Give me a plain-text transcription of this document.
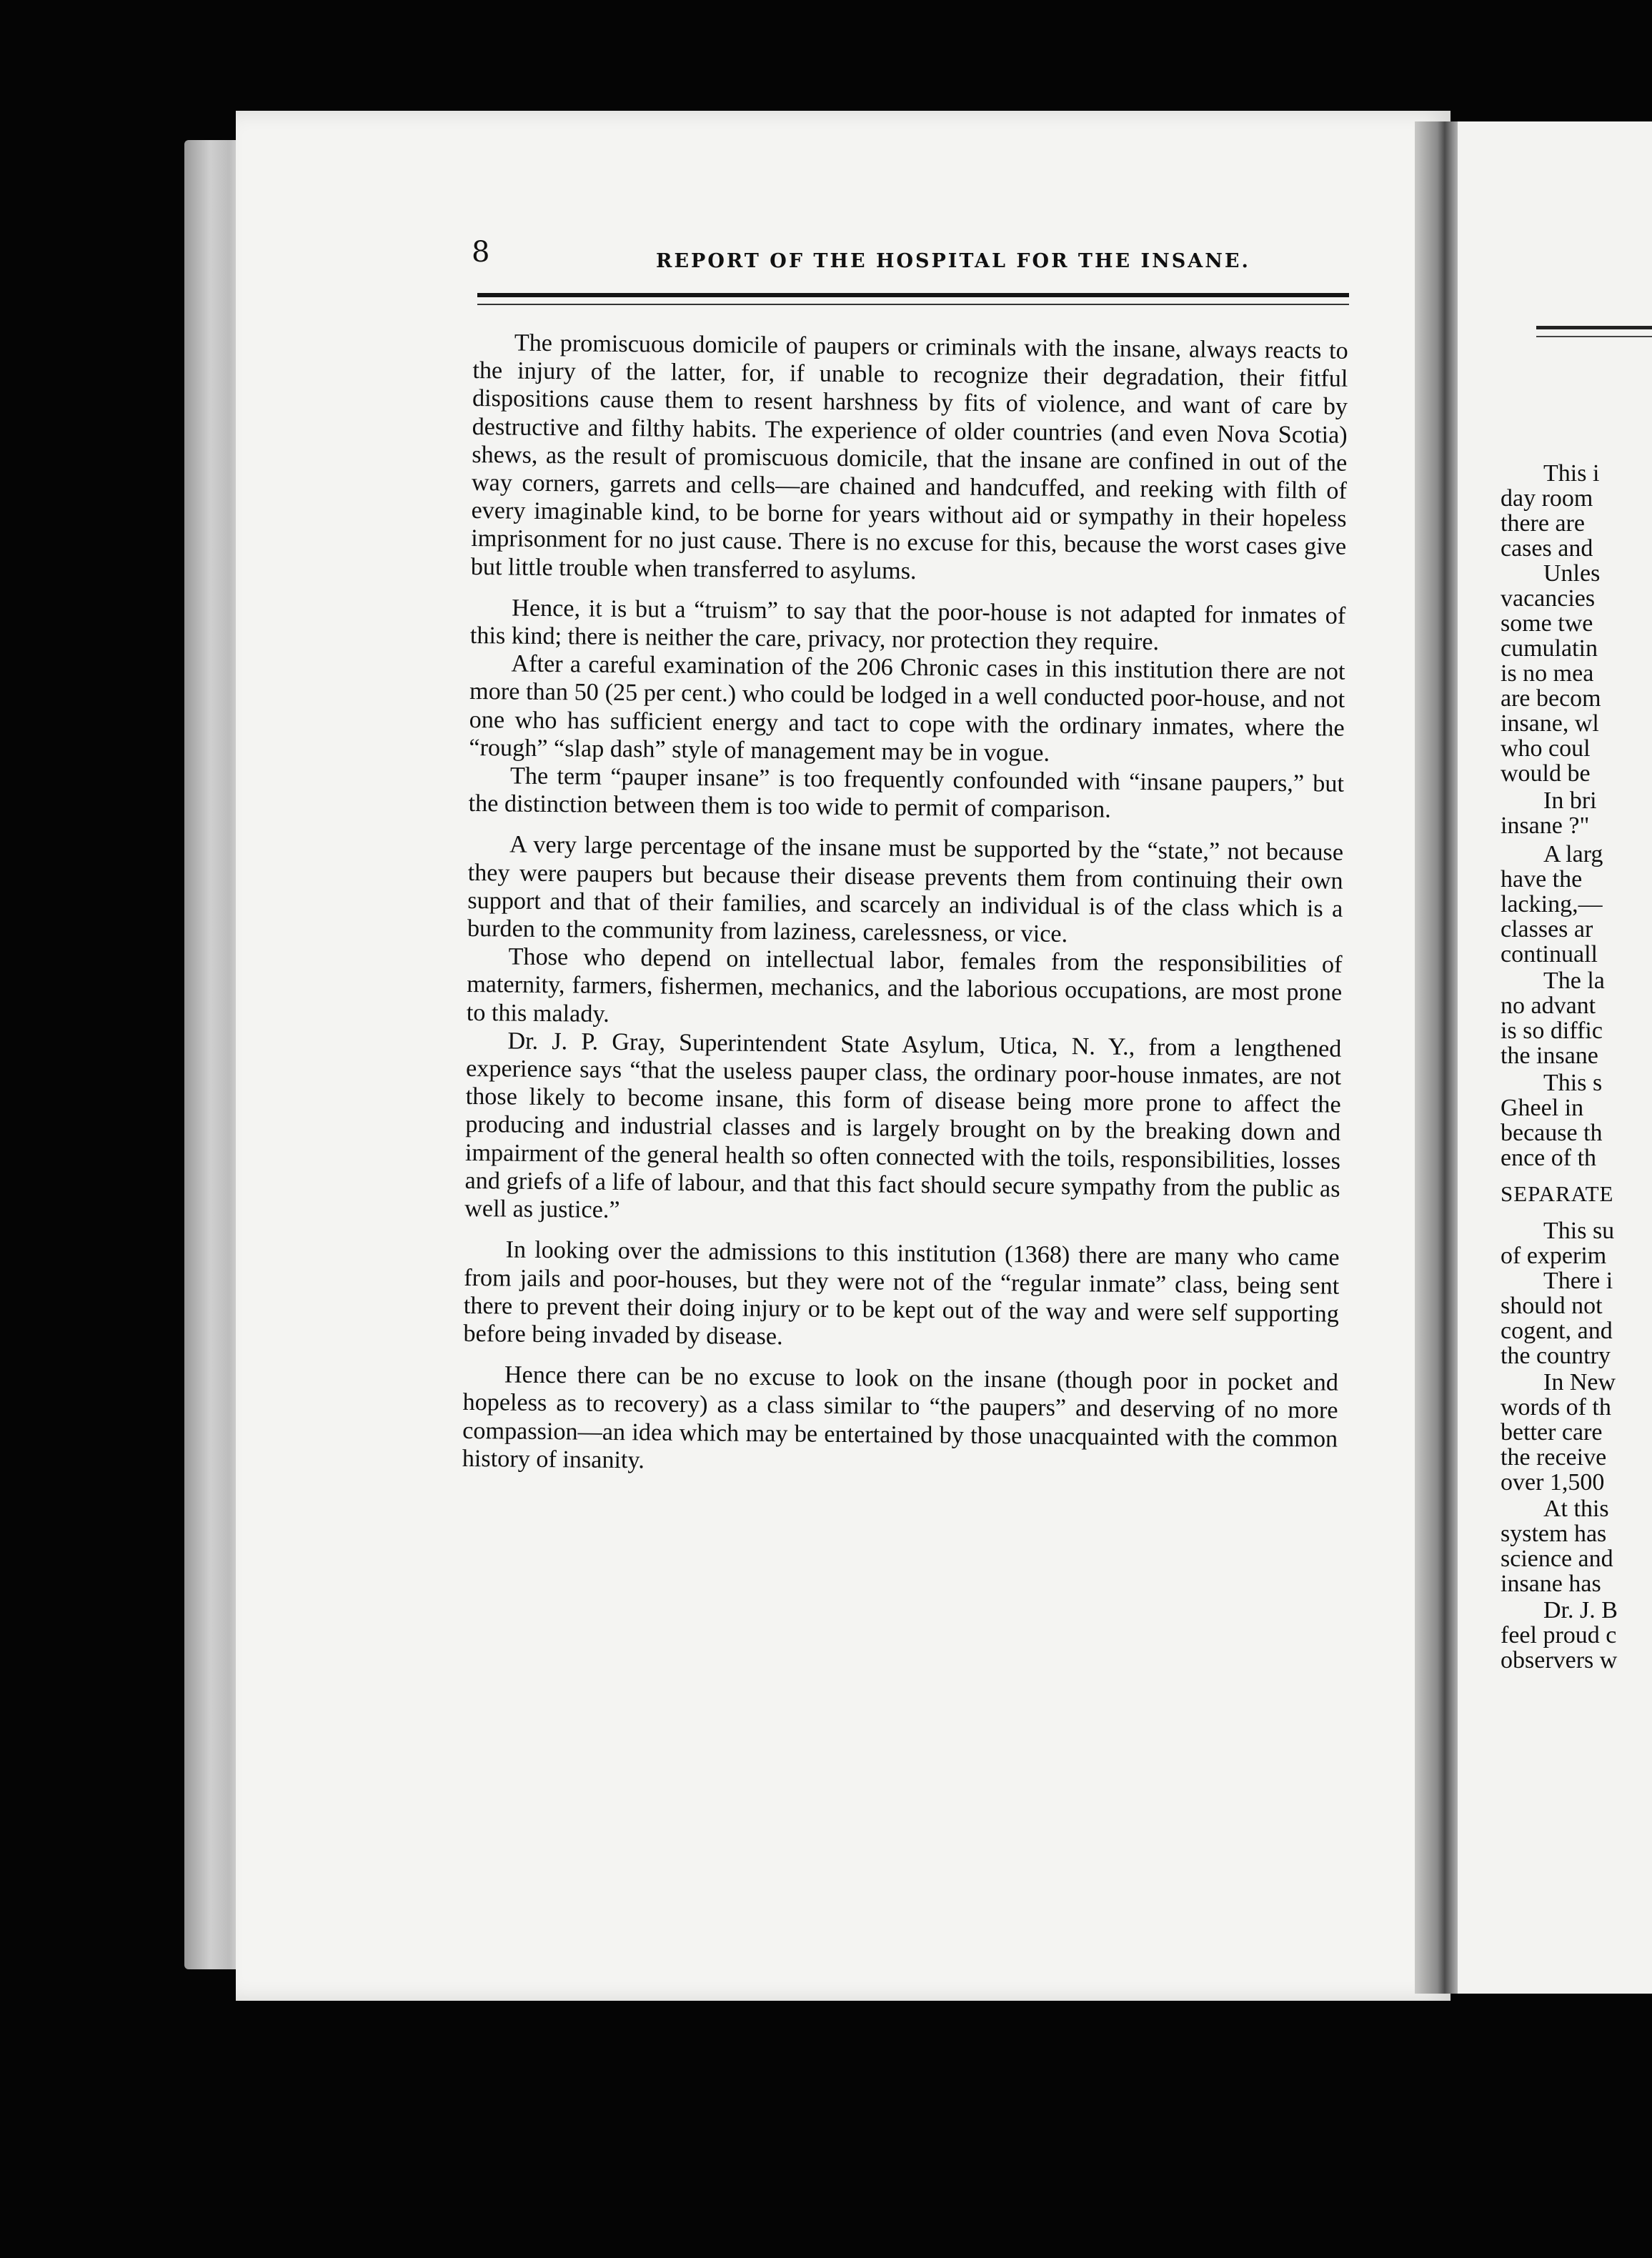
8	REPORT OF THE HOSPITAL FOR THE INSANE.

The promiscuous domicile of paupers or criminals with the insane, always reacts to the injury of the latter, for, if unable to recognize their degradation, their fitful dispositions cause them to resent harshness by fits of violence, and want of care by destructive and filthy habits. The experience of older countries (and even Nova Scotia) shews, as the result of promiscuous domicile, that the insane are confined in out of the way corners, garrets and cells—are chained and handcuffed, and reeking with filth of every imaginable kind, to be borne for years without aid or sympathy in their hopeless imprisonment for no just cause. There is no excuse for this, because the worst cases give but little trouble when transferred to asylums.

Hence, it is but a “truism” to say that the poor-house is not adapted for inmates of this kind; there is neither the care, privacy, nor protection they require.

After a careful examination of the 206 Chronic cases in this institution there are not more than 50 (25 per cent.) who could be lodged in a well conducted poor-house, and not one who has sufficient energy and tact to cope with the ordinary inmates, where the “rough” “slap dash” style of management may be in vogue.

The term “pauper insane” is too frequently confounded with “insane paupers,” but the distinction between them is too wide to permit of comparison.

A very large percentage of the insane must be supported by the “state,” not because they were paupers but because their disease prevents them from continuing their own support and that of their families, and scarcely an individual is of the class which is a burden to the community from laziness, carelessness, or vice.

Those who depend on intellectual labor, females from the responsibilities of maternity, farmers, fishermen, mechanics, and the laborious occupations, are most prone to this malady.

Dr. J. P. Gray, Superintendent State Asylum, Utica, N. Y., from a lengthened experience says “that the useless pauper class, the ordinary poor-house inmates, are not those likely to become insane, this form of disease being more prone to affect the producing and industrial classes and is largely brought on by the breaking down and impairment of the general health so often connected with the toils, responsibilities, losses and griefs of a life of labour, and that this fact should secure sympathy from the public as well as justice.”

In looking over the admissions to this institution (1368) there are many who came from jails and poor-houses, but they were not of the “regular inmate” class, being sent there to prevent their doing injury or to be kept out of the way and were self supporting before being invaded by disease.

Hence there can be no excuse to look on the insane (though poor in pocket and hopeless as to recovery) as a class similar to “the paupers” and deserving of no more compassion—an idea which may be entertained by those unacquainted with the common history of insanity.

This i
day room
there are
cases and
Unles
vacancies
some twe
cumulatin
is no mea
are becom
insane, wl
who coul
would be
In bri
insane ?"
A larg
have the
lacking,—
classes ar
continuall
The la
no advant
is so diffic
the insane
This s
Gheel in
because th
ence of th
SEPARATE
This su
of experim
There i
should not
cogent, and
the country
In New
words of th
better care
the receive
over 1,500
At this
system has
science and
insane has
Dr. J. B
feel proud c
observers w
